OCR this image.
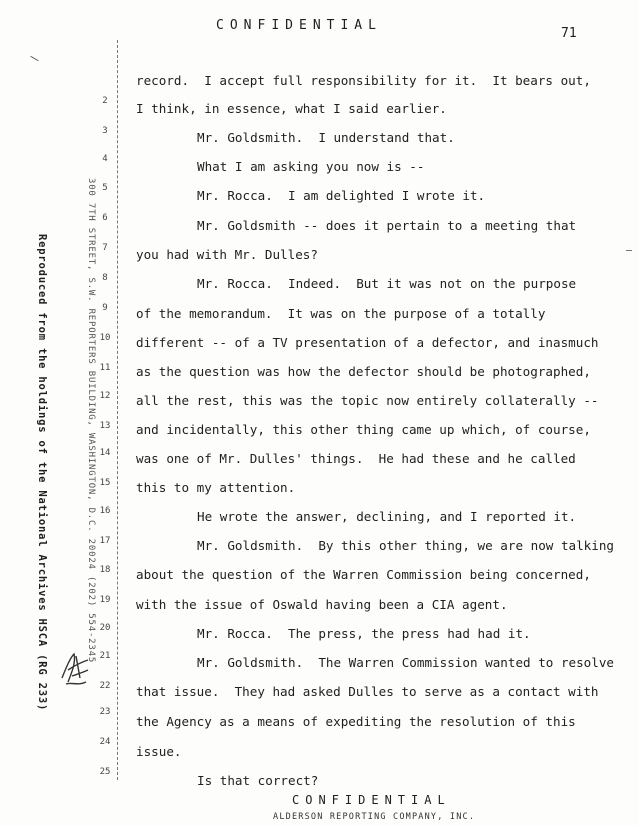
CONFIDENTIAL
71
Reproduced from the holdings of the National Archives HSCA (RG 233)	300 7TH STREET, S.W. REPORTERS BUILDING, WASHINGTON, D.C. 20024 (202) 554-2345
2
3
4
5
6
7
8
9
10
11
12
13
14
15
16
17
18
19
20
21
22
23
24
25
record.  I accept full responsibility for it.  It bears out,
I think, in essence, what I said earlier.
Mr. Goldsmith.  I understand that.
What I am asking you now is --
Mr. Rocca.  I am delighted I wrote it.
Mr. Goldsmith -- does it pertain to a meeting that
you had with Mr. Dulles?
Mr. Rocca.  Indeed.  But it was not on the purpose
of the memorandum.  It was on the purpose of a totally
different -- of a TV presentation of a defector, and inasmuch
as the question was how the defector should be photographed,
all the rest, this was the topic now entirely collaterally --
and incidentally, this other thing came up which, of course,
was one of Mr. Dulles' things.  He had these and he called
this to my attention.
He wrote the answer, declining, and I reported it.
Mr. Goldsmith.  By this other thing, we are now talking
about the question of the Warren Commission being concerned,
with the issue of Oswald having been a CIA agent.
Mr. Rocca.  The press, the press had had it.
Mr. Goldsmith.  The Warren Commission wanted to resolve
that issue.  They had asked Dulles to serve as a contact with
the Agency as a means of expediting the resolution of this
issue.
Is that correct?
CONFIDENTIAL
ALDERSON REPORTING COMPANY, INC.
